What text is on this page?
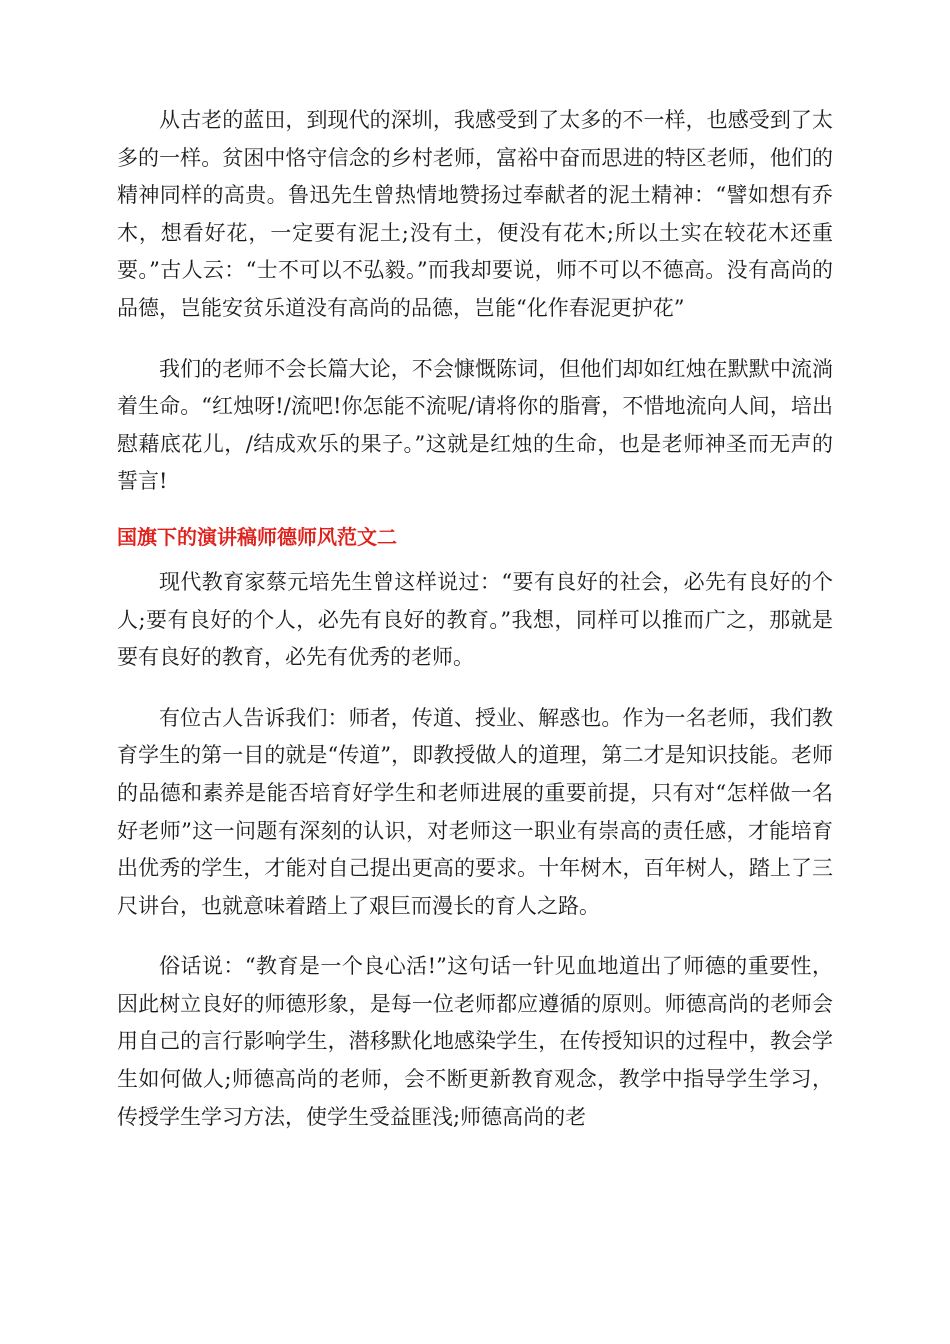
从古老的蓝田，到现代的深圳，我感受到了太多的不一样，也感受到了太多的一样。贫困中恪守信念的乡村老师，富裕中奋而思进的特区老师，他们的精神同样的高贵。鲁迅先生曾热情地赞扬过奉献者的泥土精神：“譬如想有乔木，想看好花，一定要有泥土;没有土，便没有花木;所以土实在较花木还重要。”古人云：“士不可以不弘毅。”而我却要说，师不可以不德高。没有高尚的品德，岂能安贫乐道没有高尚的品德，岂能“化作春泥更护花”

我们的老师不会长篇大论，不会慷慨陈词，但他们却如红烛在默默中流淌着生命。“红烛呀!/流吧!你怎能不流呢/请将你的脂膏，不惜地流向人间，培出慰藉底花儿，/结成欢乐的果子。”这就是红烛的生命，也是老师神圣而无声的誓言!

国旗下的演讲稿师德师风范文二

现代教育家蔡元培先生曾这样说过：“要有良好的社会，必先有良好的个人;要有良好的个人，必先有良好的教育。”我想，同样可以推而广之，那就是要有良好的教育，必先有优秀的老师。

有位古人告诉我们：师者，传道、授业、解惑也。作为一名老师，我们教育学生的第一目的就是“传道”，即教授做人的道理，第二才是知识技能。老师的品德和素养是能否培育好学生和老师进展的重要前提，只有对“怎样做一名好老师”这一问题有深刻的认识，对老师这一职业有崇高的责任感，才能培育出优秀的学生，才能对自己提出更高的要求。十年树木，百年树人，踏上了三尺讲台，也就意味着踏上了艰巨而漫长的育人之路。

俗话说：“教育是一个良心活!”这句话一针见血地道出了师德的重要性，因此树立良好的师德形象，是每一位老师都应遵循的原则。师德高尚的老师会用自己的言行影响学生，潜移默化地感染学生，在传授知识的过程中，教会学生如何做人;师德高尚的老师，会不断更新教育观念，教学中指导学生学习，传授学生学习方法，使学生受益匪浅;师德高尚的老
